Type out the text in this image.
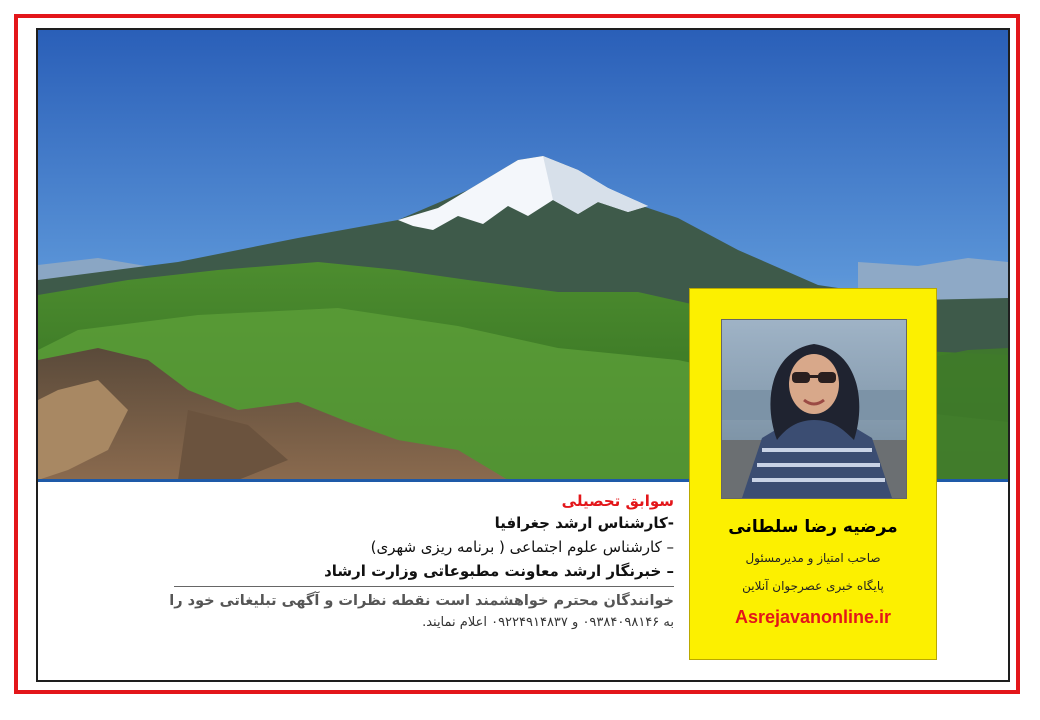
سوابق تحصیلی

-کارشناس ارشد جغرافیا

– کارشناس علوم اجتماعی ( برنامه ریزی شهری)

– خبرنگار ارشد معاونت مطبوعاتی وزارت ارشاد

خوانندگان محترم خواهشمند است نقطه نظرات و آگهی تبلیغاتی خود را

به ۰۹۳۸۴۰۹۸۱۴۶ و ۰۹۲۲۴۹۱۴۸۳۷ اعلام نمایند.

مرضیه رضا سلطانی
صاحب امتیاز و مدیرمسئول
پایگاه خبری عصرجوان آنلاین
Asrejavanonline.ir
